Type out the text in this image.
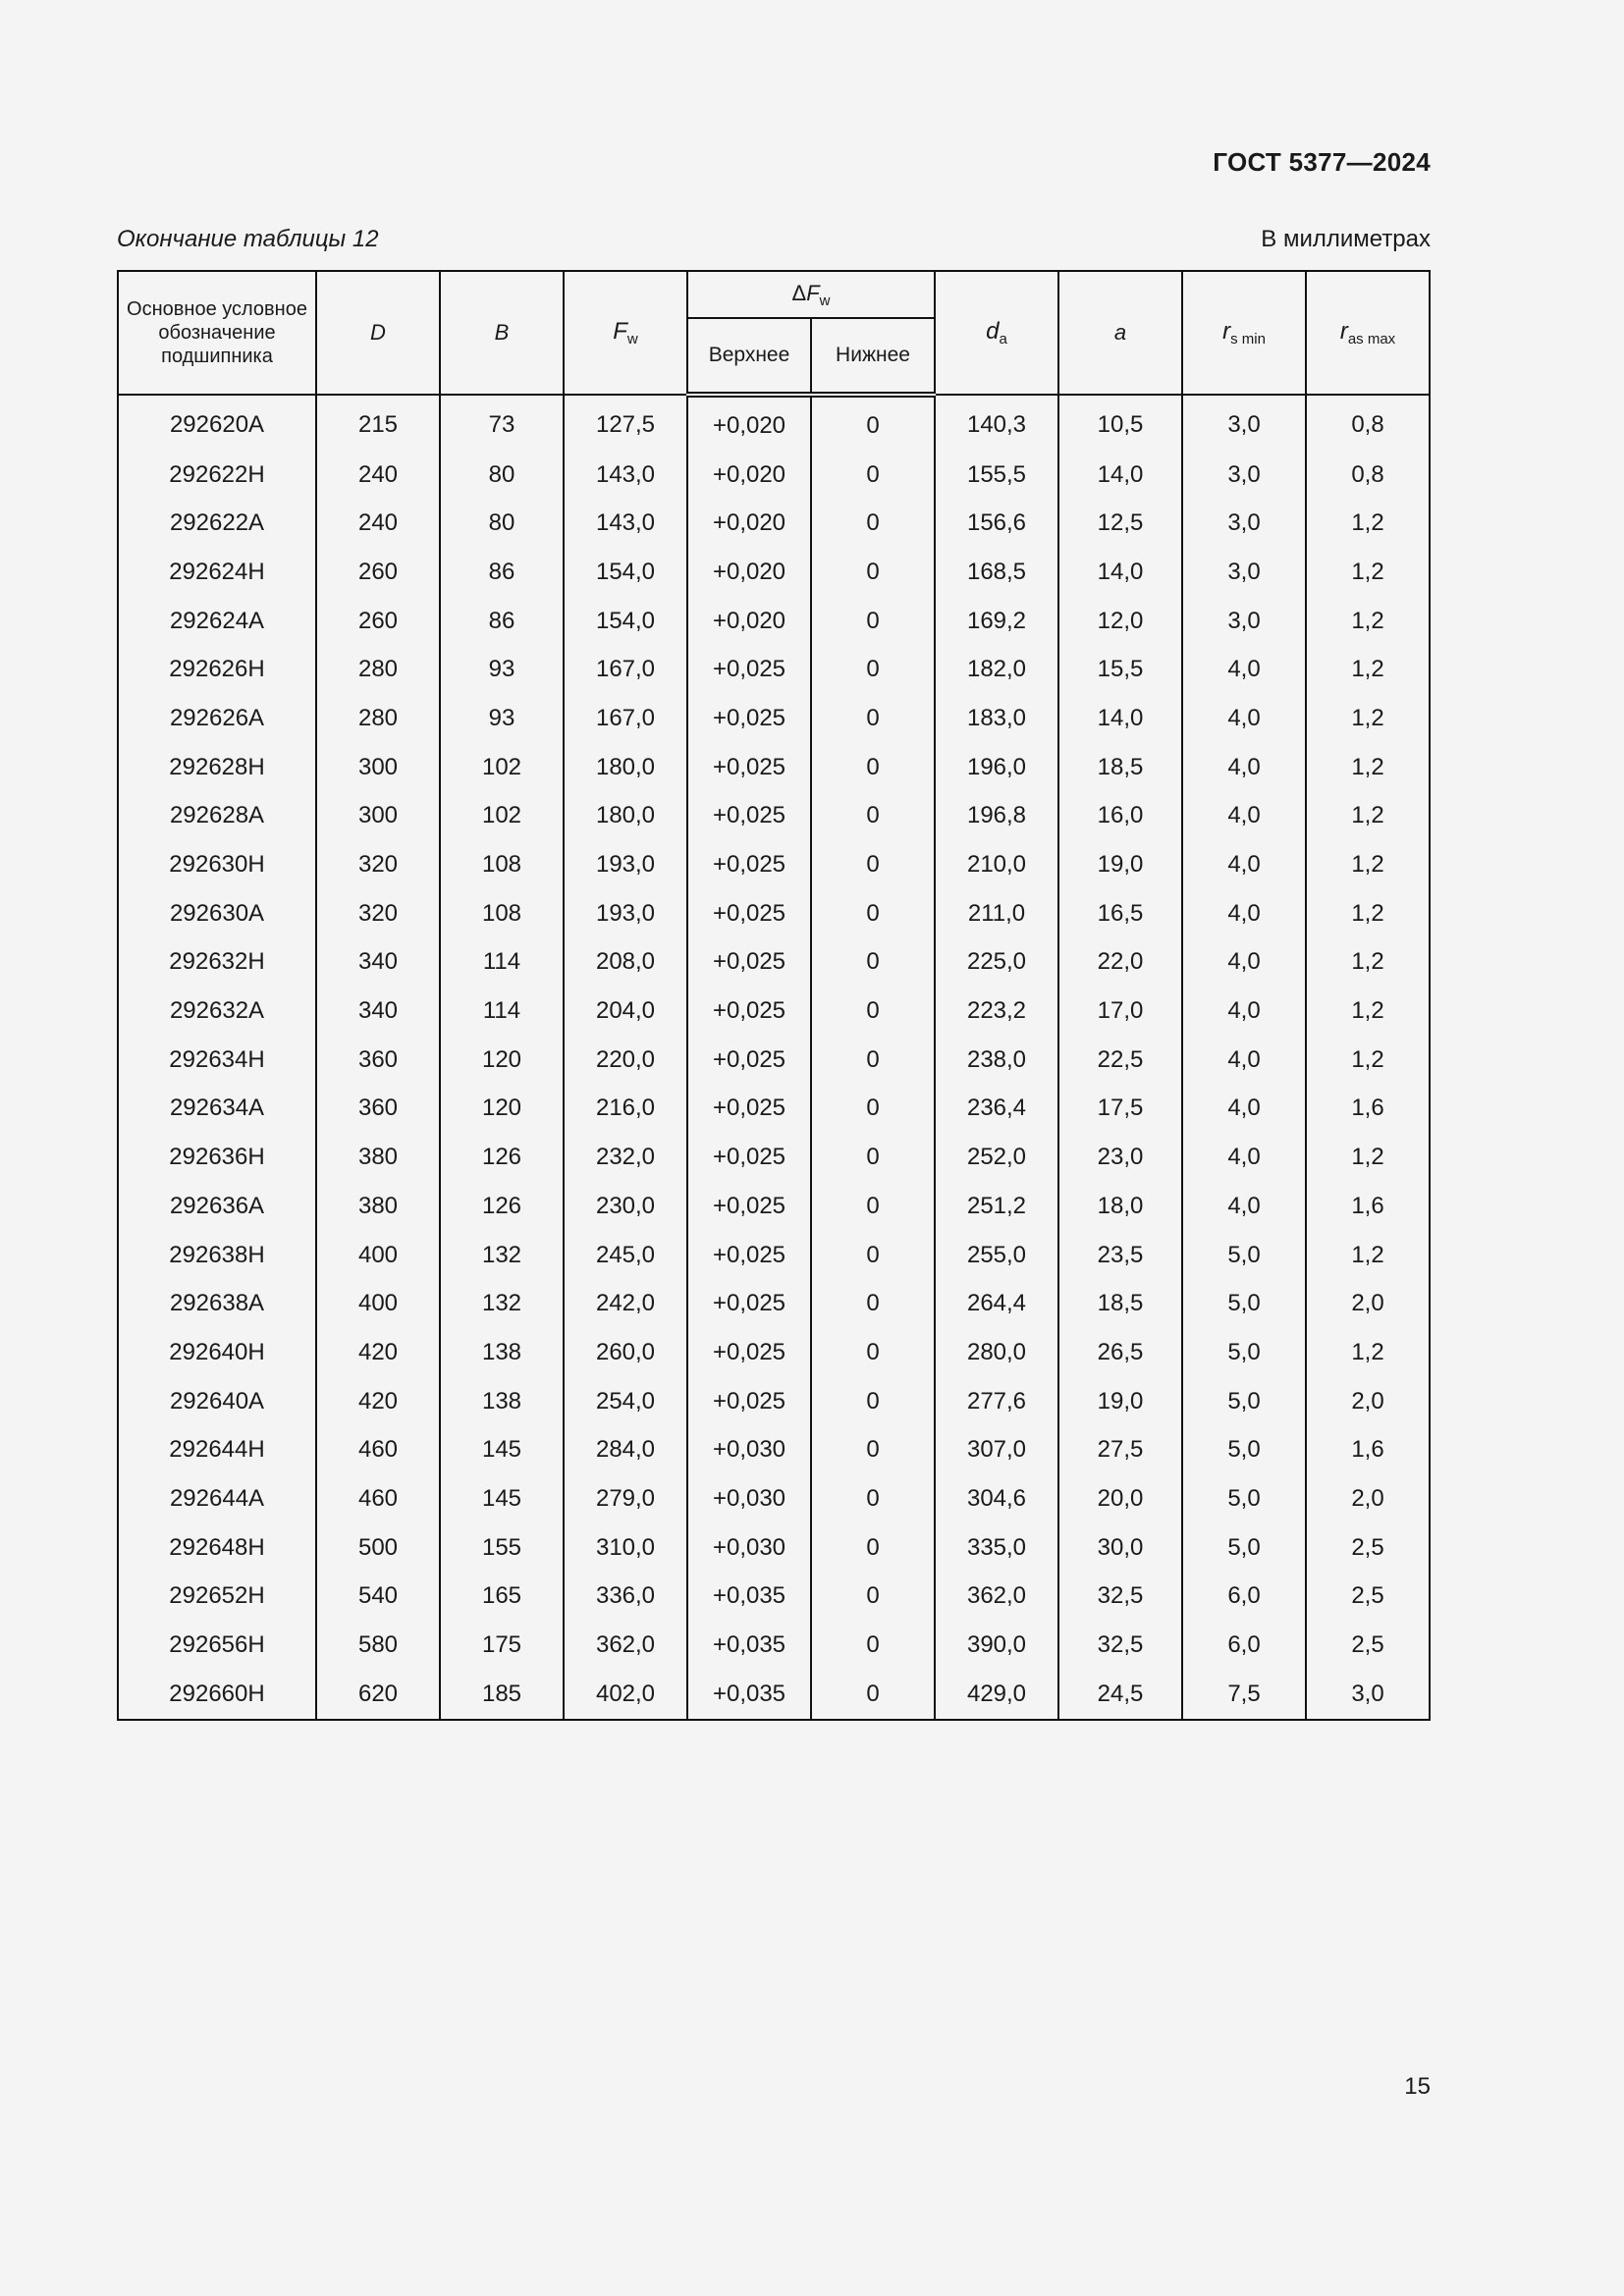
ГОСТ 5377—2024
Окончание таблицы 12	В миллиметрах
Основное условное обозначение подшипника	D	B	$F_w$	$\Delta F_w$		$d_a$	a	$r_{s min}$	$r_{as max}$
				Верхнее	Нижнее				
292620A	215	73	127,5	+0,020	0	140,3	10,5	3,0	0,8
292622H	240	80	143,0	+0,020	0	155,5	14,0	3,0	0,8
292622A	240	80	143,0	+0,020	0	156,6	12,5	3,0	1,2
292624H	260	86	154,0	+0,020	0	168,5	14,0	3,0	1,2
292624A	260	86	154,0	+0,020	0	169,2	12,0	3,0	1,2
292626H	280	93	167,0	+0,025	0	182,0	15,5	4,0	1,2
292626A	280	93	167,0	+0,025	0	183,0	14,0	4,0	1,2
292628H	300	102	180,0	+0,025	0	196,0	18,5	4,0	1,2
292628A	300	102	180,0	+0,025	0	196,8	16,0	4,0	1,2
292630H	320	108	193,0	+0,025	0	210,0	19,0	4,0	1,2
292630A	320	108	193,0	+0,025	0	211,0	16,5	4,0	1,2
292632H	340	114	208,0	+0,025	0	225,0	22,0	4,0	1,2
292632A	340	114	204,0	+0,025	0	223,2	17,0	4,0	1,2
292634H	360	120	220,0	+0,025	0	238,0	22,5	4,0	1,2
292634A	360	120	216,0	+0,025	0	236,4	17,5	4,0	1,6
292636H	380	126	232,0	+0,025	0	252,0	23,0	4,0	1,2
292636A	380	126	230,0	+0,025	0	251,2	18,0	4,0	1,6
292638H	400	132	245,0	+0,025	0	255,0	23,5	5,0	1,2
292638A	400	132	242,0	+0,025	0	264,4	18,5	5,0	2,0
292640H	420	138	260,0	+0,025	0	280,0	26,5	5,0	1,2
292640A	420	138	254,0	+0,025	0	277,6	19,0	5,0	2,0
292644H	460	145	284,0	+0,030	0	307,0	27,5	5,0	1,6
292644A	460	145	279,0	+0,030	0	304,6	20,0	5,0	2,0
292648H	500	155	310,0	+0,030	0	335,0	30,0	5,0	2,5
292652H	540	165	336,0	+0,035	0	362,0	32,5	6,0	2,5
292656H	580	175	362,0	+0,035	0	390,0	32,5	6,0	2,5
292660H	620	185	402,0	+0,035	0	429,0	24,5	7,5	3,0
15
